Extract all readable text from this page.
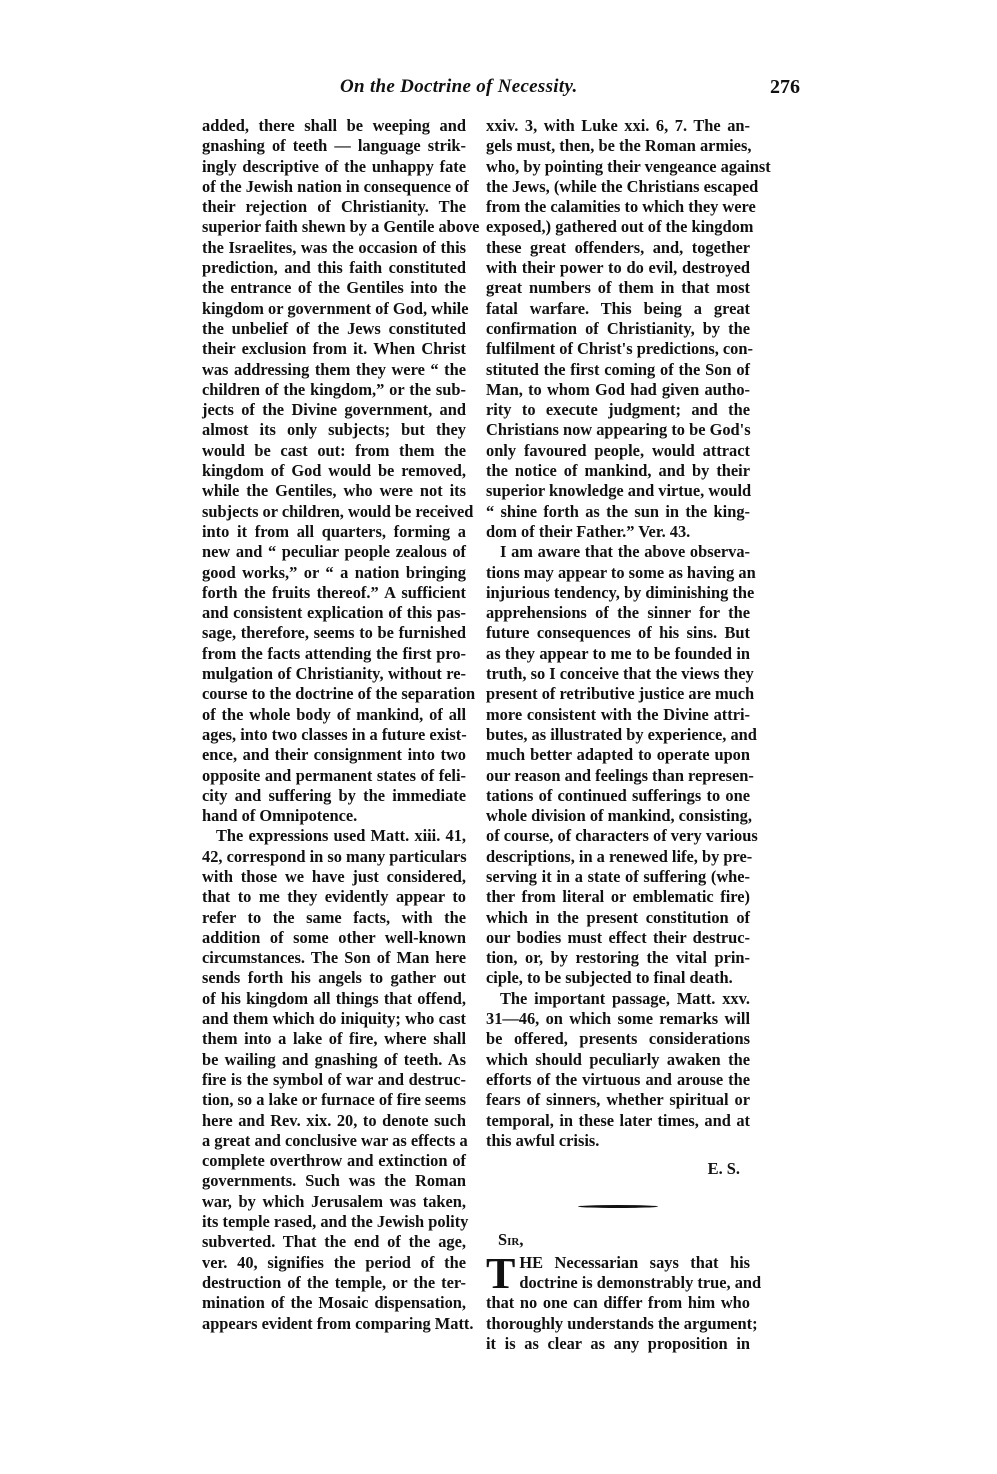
On the Doctrine of Necessity.	276
added, there shall be weeping and
gnashing of teeth — language strik-
ingly descriptive of the unhappy fate
of the Jewish nation in consequence of
their rejection of Christianity. The
superior faith shewn by a Gentile above
the Israelites, was the occasion of this
prediction, and this faith constituted
the entrance of the Gentiles into the
kingdom or government of God, while
the unbelief of the Jews constituted
their exclusion from it. When Christ
was addressing them they were “ the
children of the kingdom,” or the sub-
jects of the Divine government, and
almost its only subjects; but they
would be cast out: from them the
kingdom of God would be removed,
while the Gentiles, who were not its
subjects or children, would be received
into it from all quarters, forming a
new and “ peculiar people zealous of
good works,” or “ a nation bringing
forth the fruits thereof.” A sufficient
and consistent explication of this pas-
sage, therefore, seems to be furnished
from the facts attending the first pro-
mulgation of Christianity, without re-
course to the doctrine of the separation
of the whole body of mankind, of all
ages, into two classes in a future exist-
ence, and their consignment into two
opposite and permanent states of feli-
city and suffering by the immediate
hand of Omnipotence.
The expressions used Matt. xiii. 41,
42, correspond in so many particulars
with those we have just considered,
that to me they evidently appear to
refer to the same facts, with the
addition of some other well-known
circumstances. The Son of Man here
sends forth his angels to gather out
of his kingdom all things that offend,
and them which do iniquity; who cast
them into a lake of fire, where shall
be wailing and gnashing of teeth. As
fire is the symbol of war and destruc-
tion, so a lake or furnace of fire seems
here and Rev. xix. 20, to denote such
a great and conclusive war as effects a
complete overthrow and extinction of
governments. Such was the Roman
war, by which Jerusalem was taken,
its temple rased, and the Jewish polity
subverted. That the end of the age,
ver. 40, signifies the period of the
destruction of the temple, or the ter-
mination of the Mosaic dispensation,
appears evident from comparing Matt.
xxiv. 3, with Luke xxi. 6, 7. The an-
gels must, then, be the Roman armies,
who, by pointing their vengeance against
the Jews, (while the Christians escaped
from the calamities to which they were
exposed,) gathered out of the kingdom
these great offenders, and, together
with their power to do evil, destroyed
great numbers of them in that most
fatal warfare. This being a great
confirmation of Christianity, by the
fulfilment of Christ's predictions, con-
stituted the first coming of the Son of
Man, to whom God had given autho-
rity to execute judgment; and the
Christians now appearing to be God's
only favoured people, would attract
the notice of mankind, and by their
superior knowledge and virtue, would
“ shine forth as the sun in the king-
dom of their Father.” Ver. 43.
I am aware that the above observa-
tions may appear to some as having an
injurious tendency, by diminishing the
apprehensions of the sinner for the
future consequences of his sins. But
as they appear to me to be founded in
truth, so I conceive that the views they
present of retributive justice are much
more consistent with the Divine attri-
butes, as illustrated by experience, and
much better adapted to operate upon
our reason and feelings than represen-
tations of continued sufferings to one
whole division of mankind, consisting,
of course, of characters of very various
descriptions, in a renewed life, by pre-
serving it in a state of suffering (whe-
ther from literal or emblematic fire)
which in the present constitution of
our bodies must effect their destruc-
tion, or, by restoring the vital prin-
ciple, to be subjected to final death.
The important passage, Matt. xxv.
31—46, on which some remarks will
be offered, presents considerations
which should peculiarly awaken the
efforts of the virtuous and arouse the
fears of sinners, whether spiritual or
temporal, in these later times, and at
this awful crisis.
E. S.
Sir,
T HE Necessarian says that his
doctrine is demonstrably true, and
that no one can differ from him who
thoroughly understands the argument;
it is as clear as any proposition in
